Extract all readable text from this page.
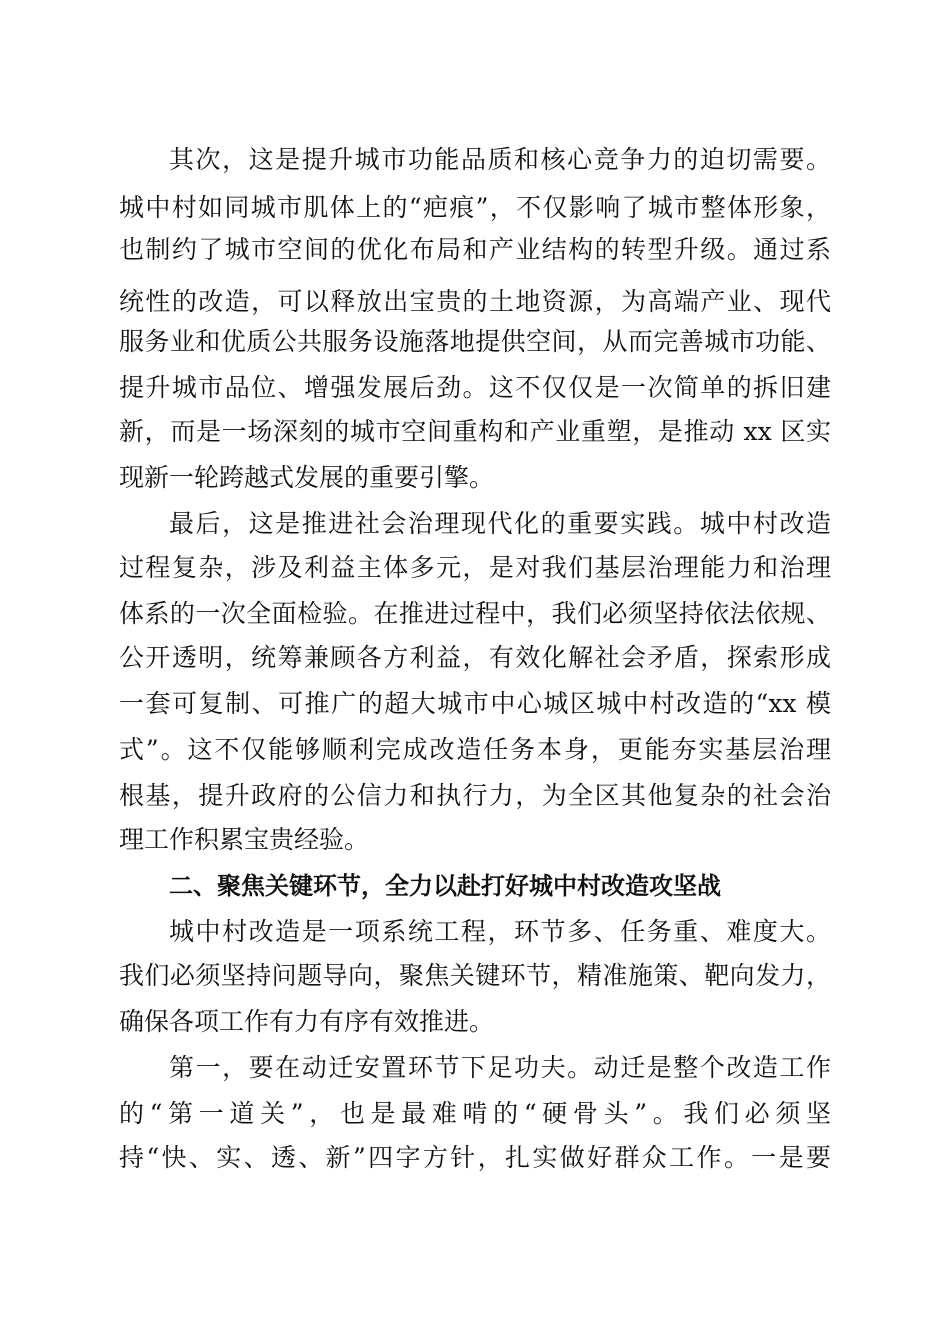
其次，这是提升城市功能品质和核心竞争力的迫切需要。
城中村如同城市肌体上的“疤痕”，不仅影响了城市整体形象，
也制约了城市空间的优化布局和产业结构的转型升级。通过系
统性的改造，可以释放出宝贵的土地资源，为高端产业、现代
服务业和优质公共服务设施落地提供空间，从而完善城市功能、
提升城市品位、增强发展后劲。这不仅仅是一次简单的拆旧建
新，而是一场深刻的城市空间重构和产业重塑，是推动 xx 区实
现新一轮跨越式发展的重要引擎。
最后，这是推进社会治理现代化的重要实践。城中村改造
过程复杂，涉及利益主体多元，是对我们基层治理能力和治理
体系的一次全面检验。在推进过程中，我们必须坚持依法依规、
公开透明，统筹兼顾各方利益，有效化解社会矛盾，探索形成
一套可复制、可推广的超大城市中心城区城中村改造的“xx 模
式”。这不仅能够顺利完成改造任务本身，更能夯实基层治理
根基，提升政府的公信力和执行力，为全区其他复杂的社会治
理工作积累宝贵经验。
二、聚焦关键环节，全力以赴打好城中村改造攻坚战
城中村改造是一项系统工程，环节多、任务重、难度大。
我们必须坚持问题导向，聚焦关键环节，精准施策、靶向发力，
确保各项工作有力有序有效推进。
第一，要在动迁安置环节下足功夫。动迁是整个改造工作
的“第一道关”，也是最难啃的“硬骨头”。我们必须坚
持“快、实、透、新”四字方针，扎实做好群众工作。一是要
